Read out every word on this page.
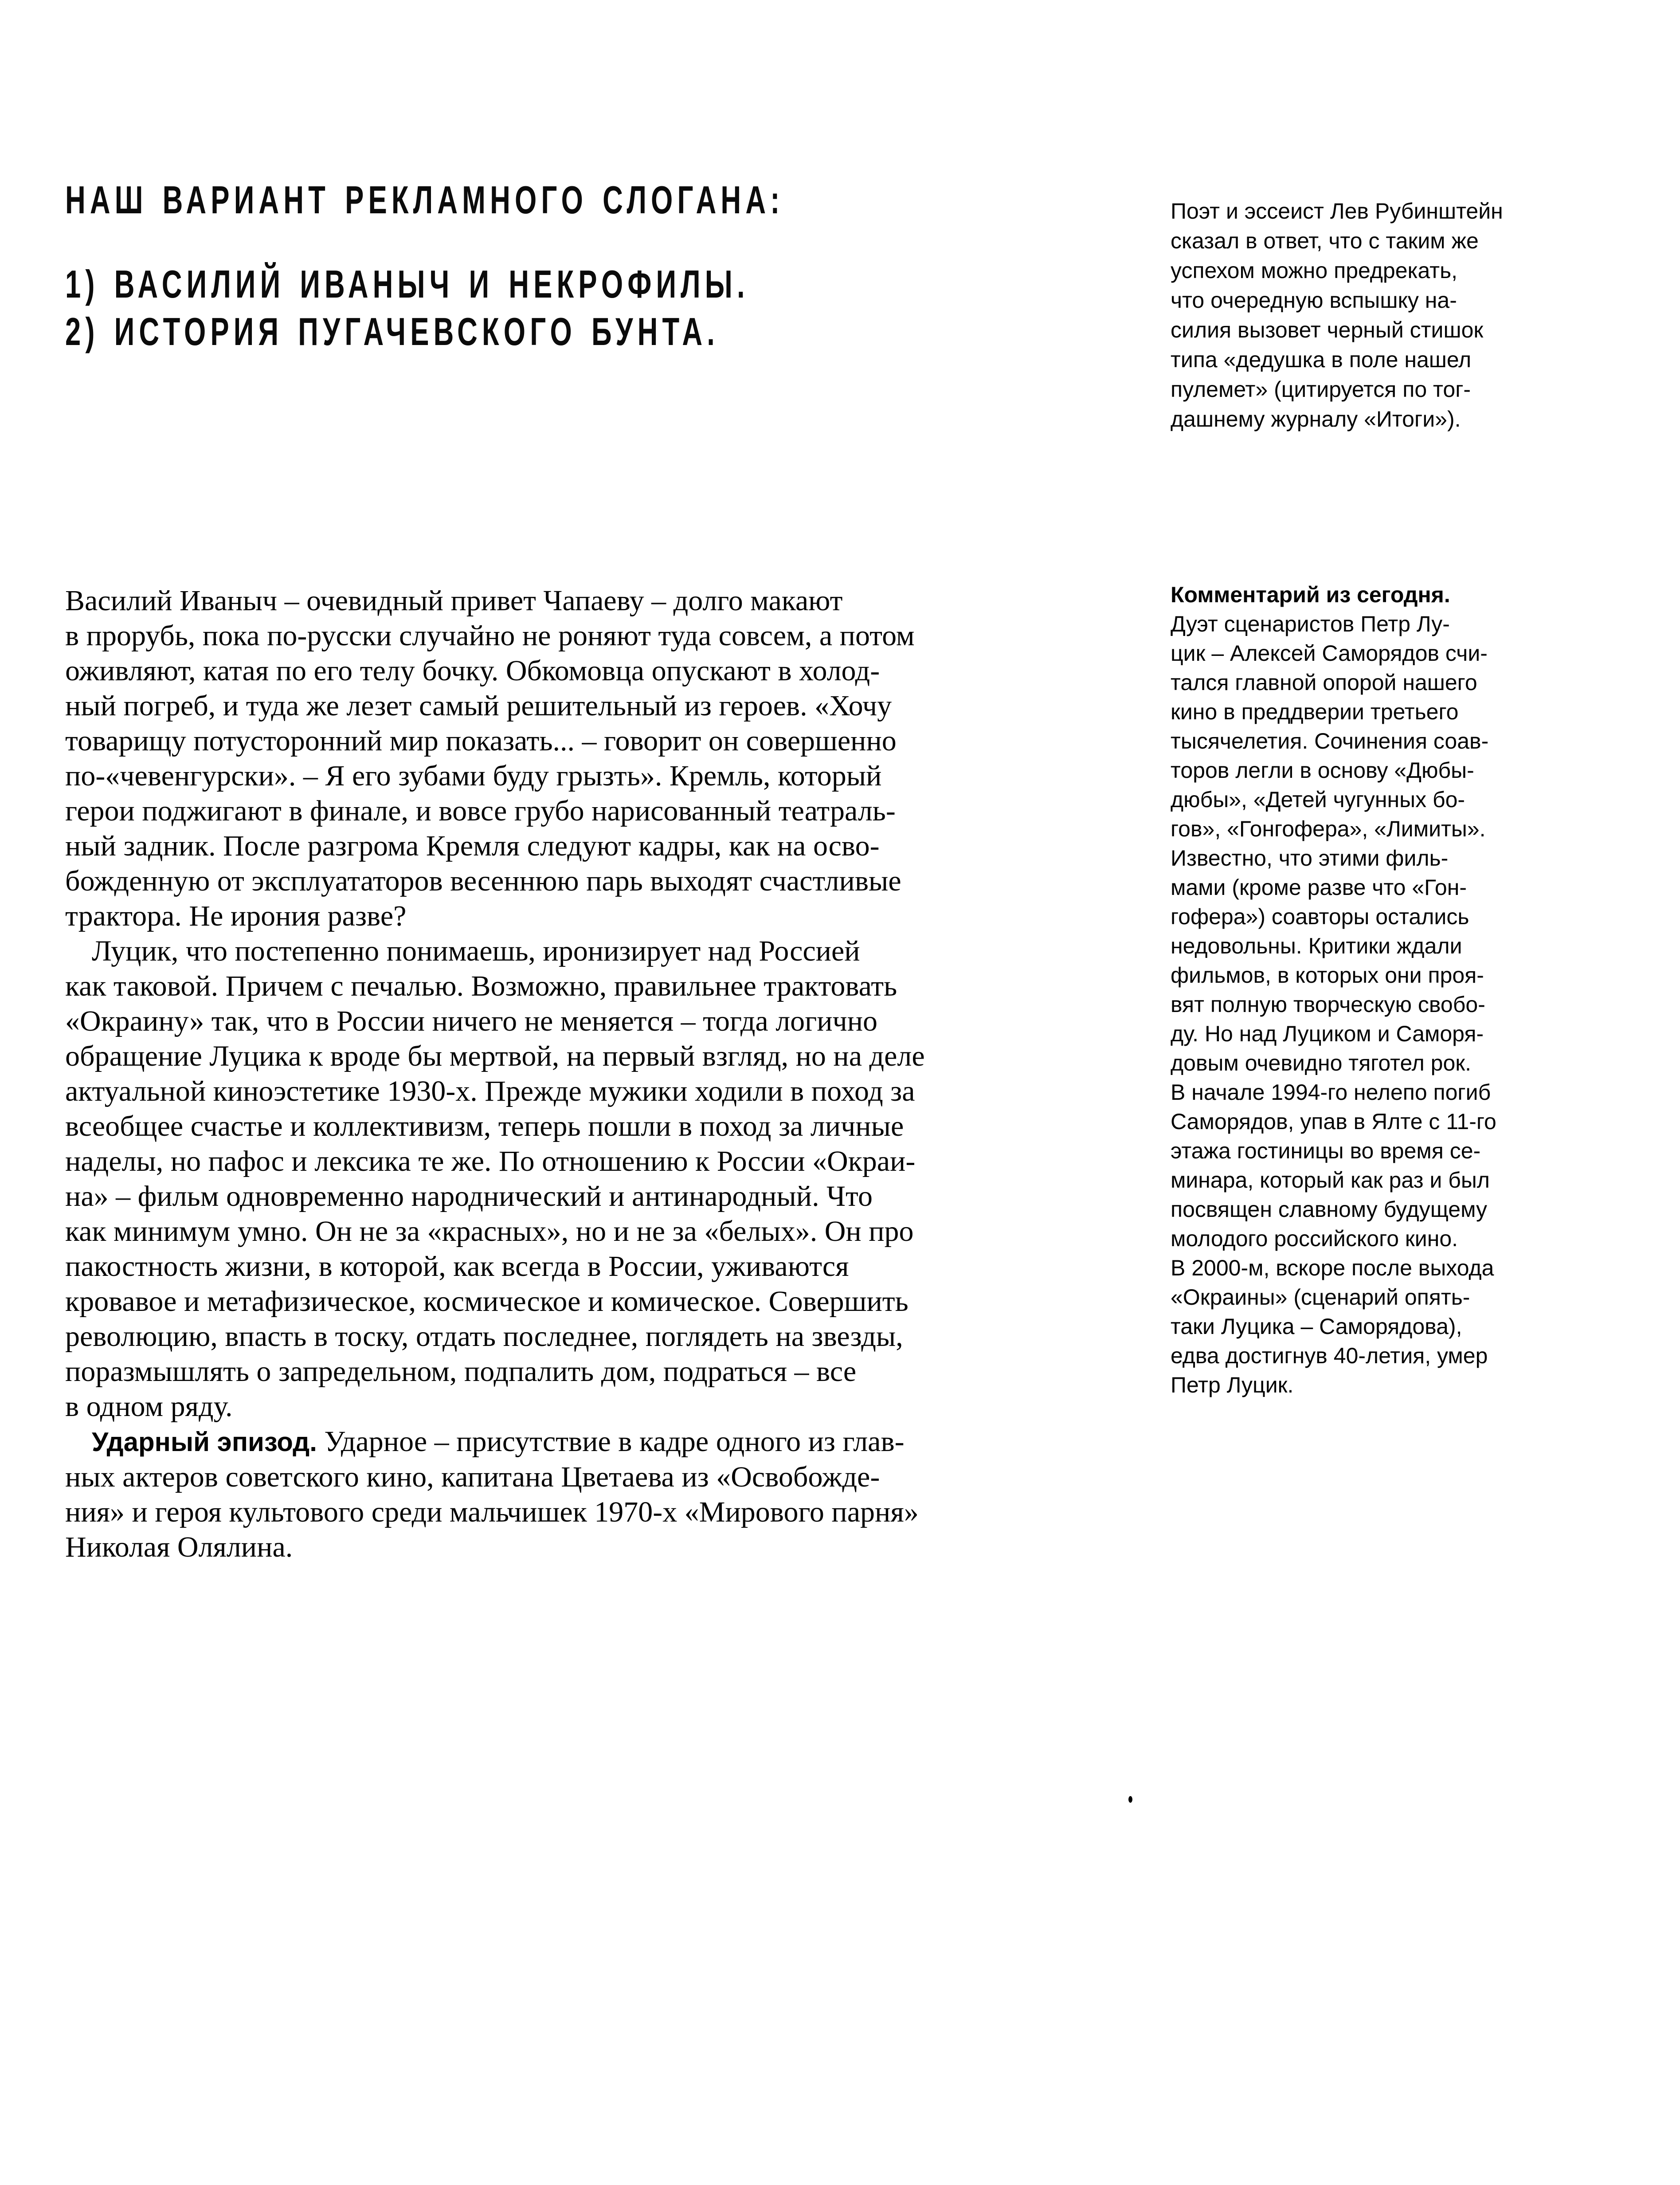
НАШ ВАРИАНТ РЕКЛАМНОГО СЛОГАНА:
1) ВАСИЛИЙ ИВАНЫЧ И НЕКРОФИЛЫ.
2) ИСТОРИЯ ПУГАЧЕВСКОГО БУНТА.
Поэт и эссеист Лев Рубинштейн
сказал в ответ, что с таким же
успехом можно предрекать,
что очередную вспышку на-
силия вызовет черный стишок
типа «дедушка в поле нашел
пулемет» (цитируется по тог-
дашнему журналу «Итоги»).
Василий Иваныч – очевидный привет Чапаеву – долго макают
в прорубь, пока по-русски случайно не роняют туда совсем, а потом
оживляют, катая по его телу бочку. Обкомовца опускают в холод-
ный погреб, и туда же лезет самый решительный из героев. «Хочу
товарищу потусторонний мир показать... – говорит он совершенно
по-«чевенгурски». – Я его зубами буду грызть». Кремль, который
герои поджигают в финале, и вовсе грубо нарисованный театраль-
ный задник. После разгрома Кремля следуют кадры, как на осво-
божденную от эксплуататоров весеннюю парь выходят счастливые
трактора. Не ирония разве?
Луцик, что постепенно понимаешь, иронизирует над Россией
как таковой. Причем с печалью. Возможно, правильнее трактовать
«Окраину» так, что в России ничего не меняется – тогда логично
обращение Луцика к вроде бы мертвой, на первый взгляд, но на деле
актуальной киноэстетике 1930-х. Прежде мужики ходили в поход за
всеобщее счастье и коллективизм, теперь пошли в поход за личные
наделы, но пафос и лексика те же. По отношению к России «Окраи-
на» – фильм одновременно народнический и антинародный. Что
как минимум умно. Он не за «красных», но и не за «белых». Он про
пакостность жизни, в которой, как всегда в России, уживаются
кровавое и метафизическое, космическое и комическое. Совершить
революцию, впасть в тоску, отдать последнее, поглядеть на звезды,
поразмышлять о запредельном, подпалить дом, подраться – все
в одном ряду.
Ударный эпизод. Ударное – присутствие в кадре одного из глав-
ных актеров советского кино, капитана Цветаева из «Освобожде-
ния» и героя культового среди мальчишек 1970-х «Мирового парня»
Николая Олялина.
Комментарий из сегодня.
Дуэт сценаристов Петр Лу-
цик – Алексей Саморядов счи-
тался главной опорой нашего
кино в преддверии третьего
тысячелетия. Сочинения соав-
торов легли в основу «Дюбы-
дюбы», «Детей чугунных бо-
гов», «Гонгофера», «Лимиты».
Известно, что этими филь-
мами (кроме разве что «Гон-
гофера») соавторы остались
недовольны. Критики ждали
фильмов, в которых они проя-
вят полную творческую свобо-
ду. Но над Луциком и Саморя-
довым очевидно тяготел рок.
В начале 1994-го нелепо погиб
Саморядов, упав в Ялте с 11-го
этажа гостиницы во время се-
минара, который как раз и был
посвящен славному будущему
молодого российского кино.
В 2000-м, вскоре после выхода
«Окраины» (сценарий опять-
таки Луцика – Саморядова),
едва достигнув 40-летия, умер
Петр Луцик.
